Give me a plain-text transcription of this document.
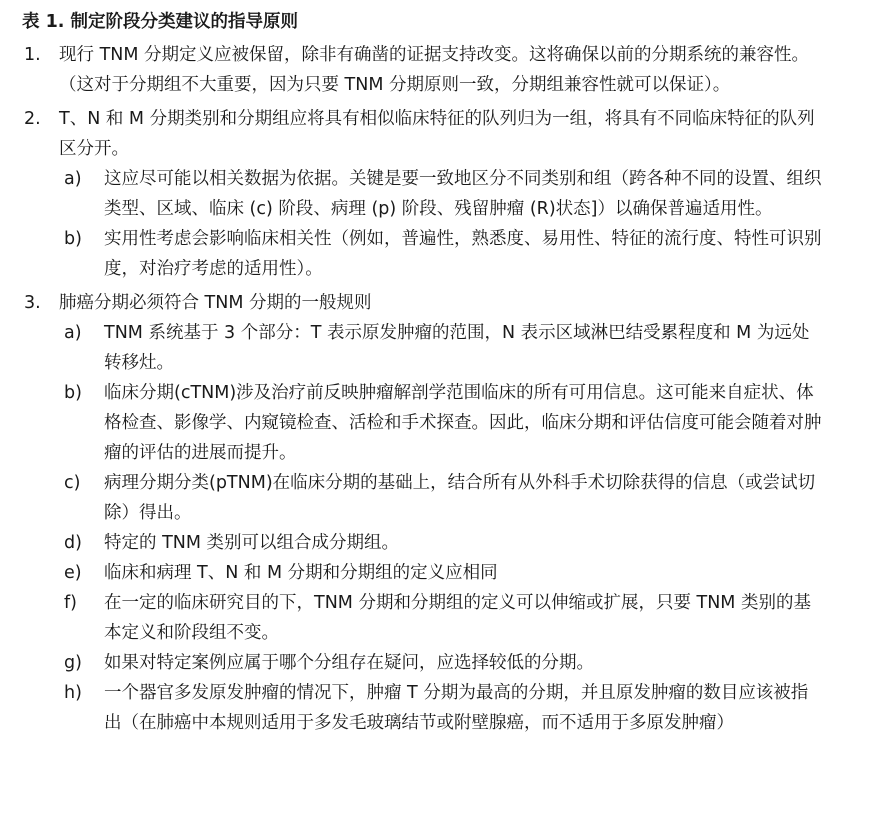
表 1. 制定阶段分类建议的指导原则
1. 现行 TNM 分期定义应被保留，除非有确凿的证据支持改变。这将确保以前的分期系统的兼容性。（这对于分期组不大重要，因为只要 TNM 分期原则一致，分期组兼容性就可以保证）。
2. T、N 和 M 分期类别和分期组应将具有相似临床特征的队列归为一组，将具有不同临床特征的队列区分开。
a) 这应尽可能以相关数据为依据。关键是要一致地区分不同类别和组（跨各种不同的设置、组织类型、区域、临床 (c) 阶段、病理 (p) 阶段、残留肿瘤 (R)状态]）以确保普遍适用性。
b) 实用性考虑会影响临床相关性（例如，普遍性，熟悉度、易用性、特征的流行度、特性可识别度，对治疗考虑的适用性）。
3. 肺癌分期必须符合 TNM 分期的一般规则
a) TNM 系统基于 3 个部分：T 表示原发肿瘤的范围，N 表示区域淋巴结受累程度和 M 为远处转移灶。
b) 临床分期(cTNM)涉及治疗前反映肿瘤解剖学范围临床的所有可用信息。这可能来自症状、体格检查、影像学、内窥镜检查、活检和手术探查。因此，临床分期和评估信度可能会随着对肿瘤的评估的进展而提升。
c) 病理分期分类(pTNM)在临床分期的基础上，结合所有从外科手术切除获得的信息（或尝试切除）得出。
d) 特定的 TNM 类别可以组合成分期组。
e) 临床和病理 T、N 和 M 分期和分期组的定义应相同
f) 在一定的临床研究目的下，TNM 分期和分期组的定义可以伸缩或扩展，只要 TNM 类别的基本定义和阶段组不变。
g) 如果对特定案例应属于哪个分组存在疑问，应选择较低的分期。
h) 一个器官多发原发肿瘤的情况下，肿瘤 T 分期为最高的分期，并且原发肿瘤的数目应该被指出（在肺癌中本规则适用于多发毛玻璃结节或附壁腺癌，而不适用于多原发肿瘤）
